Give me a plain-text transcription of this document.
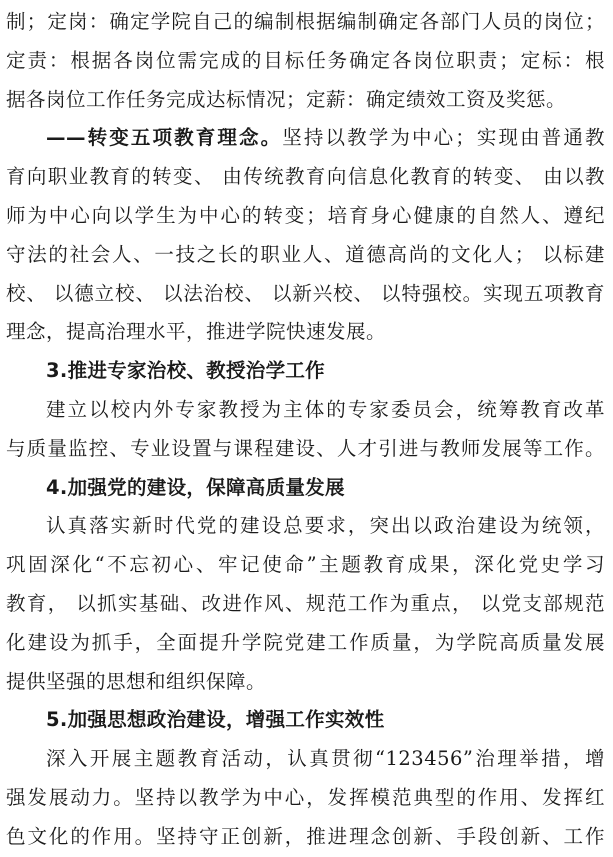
制；定岗：确定学院自己的编制根据编制确定各部门人员的岗位；
定责：根据各岗位需完成的目标任务确定各岗位职责；定标：根
据各岗位工作任务完成达标情况；定薪：确定绩效工资及奖惩。
——转变五项教育理念。坚持以教学为中心；实现由普通教
育向职业教育的转变、 由传统教育向信息化教育的转变、 由以教
师为中心向以学生为中心的转变；培育身心健康的自然人、遵纪
守法的社会人、一技之长的职业人、道德高尚的文化人； 以标建
校、 以德立校、 以法治校、 以新兴校、 以特强校。实现五项教育
理念，提高治理水平，推进学院快速发展。
3.推进专家治校、教授治学工作
建立以校内外专家教授为主体的专家委员会，统筹教育改革
与质量监控、专业设置与课程建设、人才引进与教师发展等工作。
4.加强党的建设，保障高质量发展
认真落实新时代党的建设总要求，突出以政治建设为统领，
巩固深化“不忘初心、牢记使命”主题教育成果，深化党史学习
教育， 以抓实基础、改进作风、规范工作为重点， 以党支部规范
化建设为抓手，全面提升学院党建工作质量，为学院高质量发展
提供坚强的思想和组织保障。
5.加强思想政治建设，增强工作实效性
深入开展主题教育活动，认真贯彻“123456”治理举措，增
强发展动力。坚持以教学为中心，发挥模范典型的作用、发挥红
色文化的作用。坚持守正创新，推进理念创新、手段创新、工作
